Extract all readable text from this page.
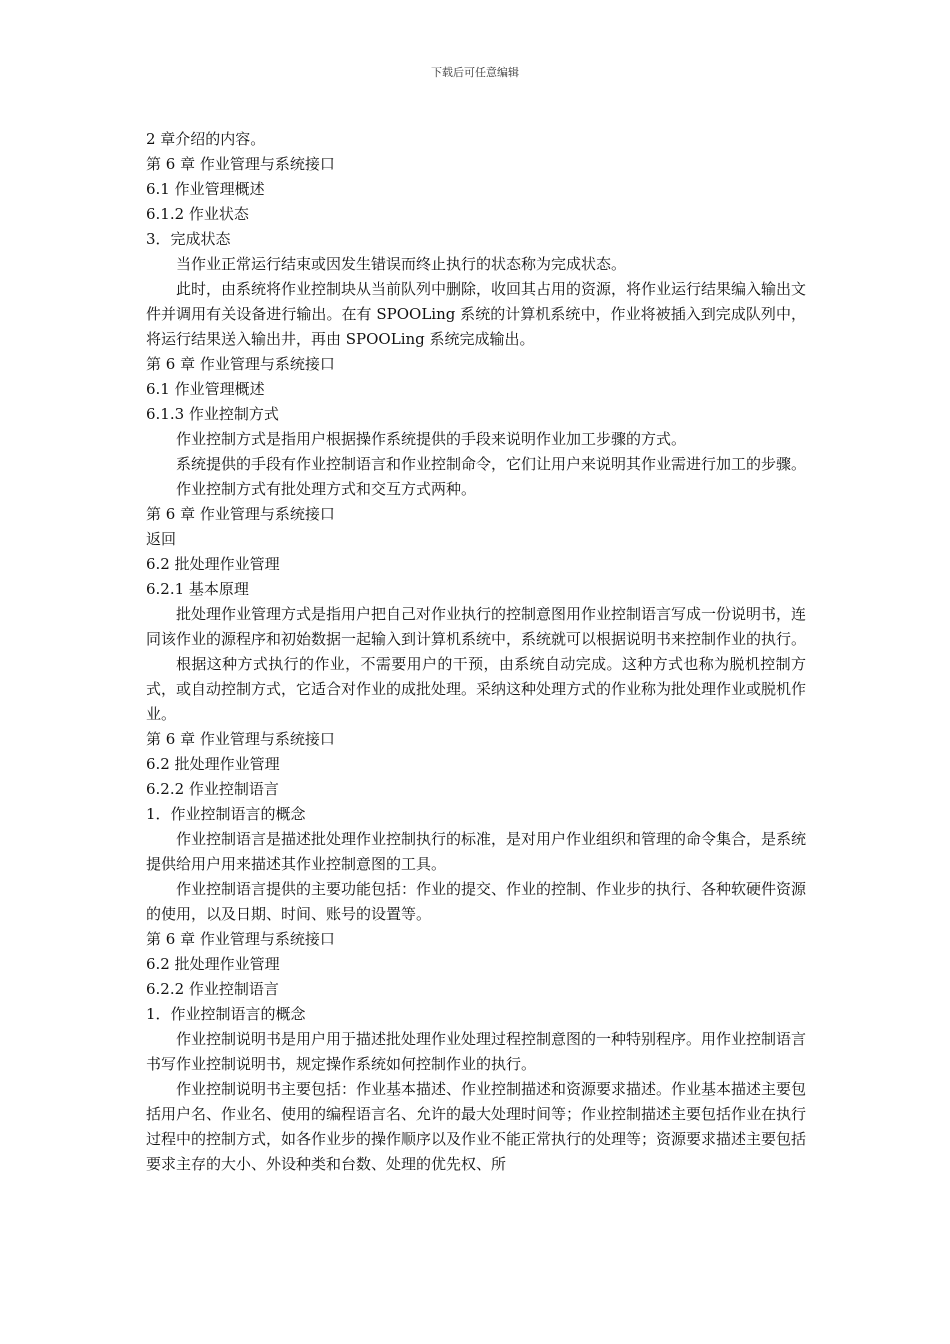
下载后可任意编辑
2 章介绍的内容。
第 6 章 作业管理与系统接口
6.1 作业管理概述
6.1.2 作业状态
3．完成状态

当作业正常运行结束或因发生错误而终止执行的状态称为完成状态。

此时，由系统将作业控制块从当前队列中删除，收回其占用的资源，将作业运行结果编入输出文件并调用有关设备进行输出。在有 SPOOLing 系统的计算机系统中，作业将被插入到完成队列中，将运行结果送入输出井，再由 SPOOLing 系统完成输出。

第 6 章 作业管理与系统接口
6.1 作业管理概述
6.1.3 作业控制方式

作业控制方式是指用户根据操作系统提供的手段来说明作业加工步骤的方式。

系统提供的手段有作业控制语言和作业控制命令，它们让用户来说明其作业需进行加工的步骤。

作业控制方式有批处理方式和交互方式两种。

第 6 章 作业管理与系统接口
返回
6.2 批处理作业管理
6.2.1 基本原理

批处理作业管理方式是指用户把自己对作业执行的控制意图用作业控制语言写成一份说明书，连同该作业的源程序和初始数据一起输入到计算机系统中，系统就可以根据说明书来控制作业的执行。

根据这种方式执行的作业，不需要用户的干预，由系统自动完成。这种方式也称为脱机控制方式，或自动控制方式，它适合对作业的成批处理。采纳这种处理方式的作业称为批处理作业或脱机作业。

第 6 章 作业管理与系统接口
6.2 批处理作业管理
6.2.2 作业控制语言
1．作业控制语言的概念

作业控制语言是描述批处理作业控制执行的标准，是对用户作业组织和管理的命令集合，是系统提供给用户用来描述其作业控制意图的工具。

作业控制语言提供的主要功能包括：作业的提交、作业的控制、作业步的执行、各种软硬件资源的使用，以及日期、时间、账号的设置等。

第 6 章 作业管理与系统接口
6.2 批处理作业管理
6.2.2 作业控制语言
1．作业控制语言的概念

作业控制说明书是用户用于描述批处理作业处理过程控制意图的一种特别程序。用作业控制语言书写作业控制说明书，规定操作系统如何控制作业的执行。

作业控制说明书主要包括：作业基本描述、作业控制描述和资源要求描述。作业基本描述主要包括用户名、作业名、使用的编程语言名、允许的最大处理时间等；作业控制描述主要包括作业在执行过程中的控制方式，如各作业步的操作顺序以及作业不能正常执行的处理等；资源要求描述主要包括要求主存的大小、外设种类和台数、处理的优先权、所
